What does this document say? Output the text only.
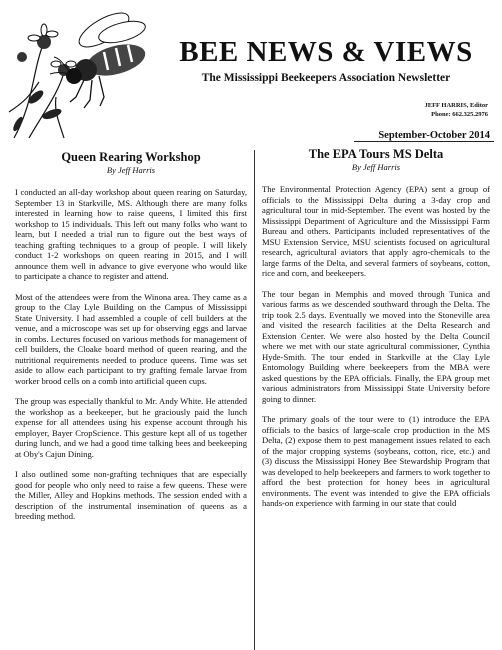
BEE NEWS & VIEWS
The Mississippi Beekeepers Association Newsletter
JEFF HARRIS, Editor
Phone: 662.325.2976
September-October 2014
Queen Rearing Workshop
By Jeff Harris

I conducted an all-day workshop about queen rearing on Saturday, September 13 in Starkville, MS. Although there are many folks interested in learning how to raise queens, I limited this first workshop to 15 individuals. This left out many folks who want to learn, but I needed a trial run to figure out the best ways of teaching grafting techniques to a group of people. I will likely conduct 1-2 workshops on queen rearing in 2015, and I will announce them well in advance to give everyone who would like to participate a chance to register and attend.

Most of the attendees were from the Winona area. They came as a group to the Clay Lyle Building on the Campus of Mississippi State University. I had assembled a couple of cell builders at the venue, and a microscope was set up for observing eggs and larvae in combs. Lectures focused on various methods for management of cell builders, the Cloake board method of queen rearing, and the nutritional requirements needed to produce queens. Time was set aside to allow each participant to try grafting female larvae from worker brood cells on a comb into artificial queen cups.

The group was especially thankful to Mr. Andy White. He attended the workshop as a beekeeper, but he graciously paid the lunch expense for all attendees using his expense account through his employer, Bayer CropScience. This gesture kept all of us together during lunch, and we had a good time talking bees and beekeeping at Oby's Cajun Dining.

I also outlined some non-grafting techniques that are especially good for people who only need to raise a few queens. These were the Miller, Alley and Hopkins methods. The session ended with a description of the instrumental insemination of queens as a breeding method.

The EPA Tours MS Delta
By Jeff Harris

The Environmental Protection Agency (EPA) sent a group of officials to the Mississippi Delta during a 3-day crop and agricultural tour in mid-September. The event was hosted by the Mississippi Department of Agriculture and the Mississippi Farm Bureau and others. Participants included representatives of the MSU Extension Service, MSU scientists focused on agricultural research, agricultural aviators that apply agro-chemicals to the large farms of the Delta, and several farmers of soybeans, cotton, rice and corn, and beekeepers.

The tour began in Memphis and moved through Tunica and various farms as we descended southward through the Delta. The trip took 2.5 days. Eventually we moved into the Stoneville area and visited the research facilities at the Delta Research and Extension Center. We were also hosted by the Delta Council where we met with our state agricultural commissioner, Cynthia Hyde-Smith. The tour ended in Starkville at the Clay Lyle Entomology Building where beekeepers from the MBA were asked questions by the EPA officials. Finally, the EPA group met various administrators from Mississippi State University before going to dinner.

The primary goals of the tour were to (1) introduce the EPA officials to the basics of large-scale crop production in the MS Delta, (2) expose them to pest management issues related to each of the major cropping systems (soybeans, cotton, rice, etc.) and (3) discuss the Mississippi Honey Bee Stewardship Program that was developed to help beekeepers and farmers to work together to afford the best protection for honey bees in agricultural environments. The event was intended to give the EPA officials hands-on experience with farming in our state that could
